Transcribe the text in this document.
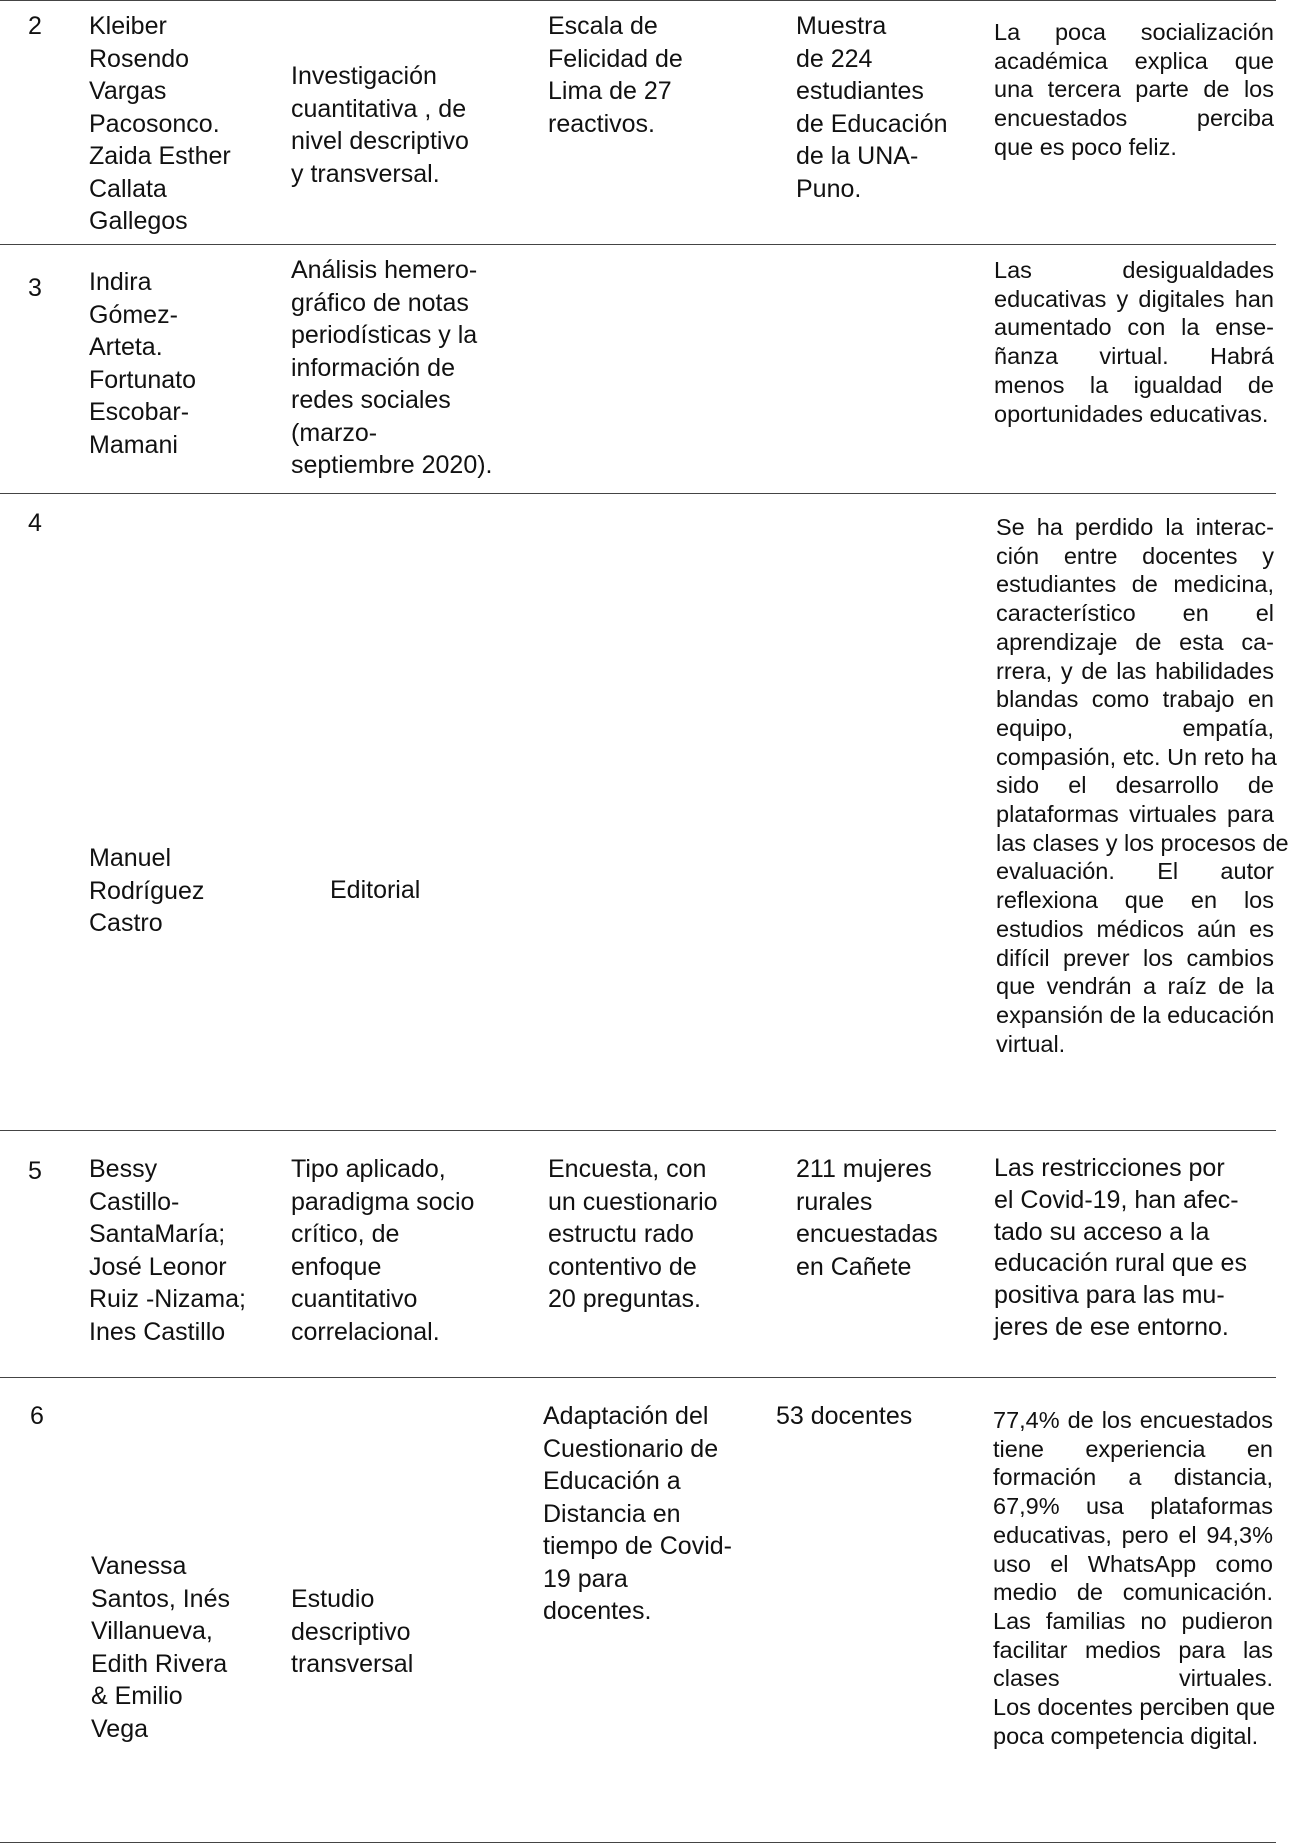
2 Kleiber
Rosendo
Vargas
Pacosonco.
Zaida Esther
Callata
Gallegos
Investigación
cuantitativa , de
nivel descriptivo
y transversal.
Escala de
Felicidad de
Lima de 27
reactivos.
Muestra
de 224
estudiantes
de Educación
de la UNA-
Puno.
La poca socialización
académica explica que
una tercera parte de los
encuestados perciba
que es poco feliz.
3 Indira
Gómez-
Arteta.
Fortunato
Escobar-
Mamani
Análisis hemero-
gráfico de notas
periodísticas y la
información de
redes sociales
(marzo-
septiembre 2020).
Las desigualdades
educativas y digitales han
aumentado con la ense-
ñanza virtual. Habrá
menos la igualdad de
oportunidades educativas.
4
Manuel
Rodríguez
Castro
Editorial
Se ha perdido la interac-
ción entre docentes y
estudiantes de medicina,
característico en el
aprendizaje de esta ca-
rrera, y de las habilidades
blandas como trabajo en
equipo, empatía,
compasión, etc. Un reto ha
sido el desarrollo de
plataformas virtuales para
las clases y los procesos de
evaluación. El autor
reflexiona que en los
estudios médicos aún es
difícil prever los cambios
que vendrán a raíz de la
expansión de la educación
virtual.
5 Bessy
Castillo-
SantaMaría;
José Leonor
Ruiz -Nizama;
Ines Castillo
Tipo aplicado,
paradigma socio
crítico, de
enfoque
cuantitativo
correlacional.
Encuesta, con
un cuestionario
estructu rado
contentivo de
20 preguntas.
211 mujeres
rurales
encuestadas
en Cañete
Las restricciones por
el Covid-19, han afec-
tado su acceso a la
educación rural que es
positiva para las mu-
jeres de ese entorno.
6
Vanessa
Santos, Inés
Villanueva,
Edith Rivera
& Emilio
Vega
Estudio
descriptivo
transversal
Adaptación del
Cuestionario de
Educación a
Distancia en
tiempo de Covid-
19 para
docentes.
53 docentes	77,4% de los encuestados
tiene experiencia en
formación a distancia,
67,9% usa plataformas
educativas, pero el 94,3%
uso el WhatsApp como
medio de comunicación.
Las familias no pudieron
facilitar medios para las
clases virtuales.
Los docentes perciben que
poca competencia digital.
